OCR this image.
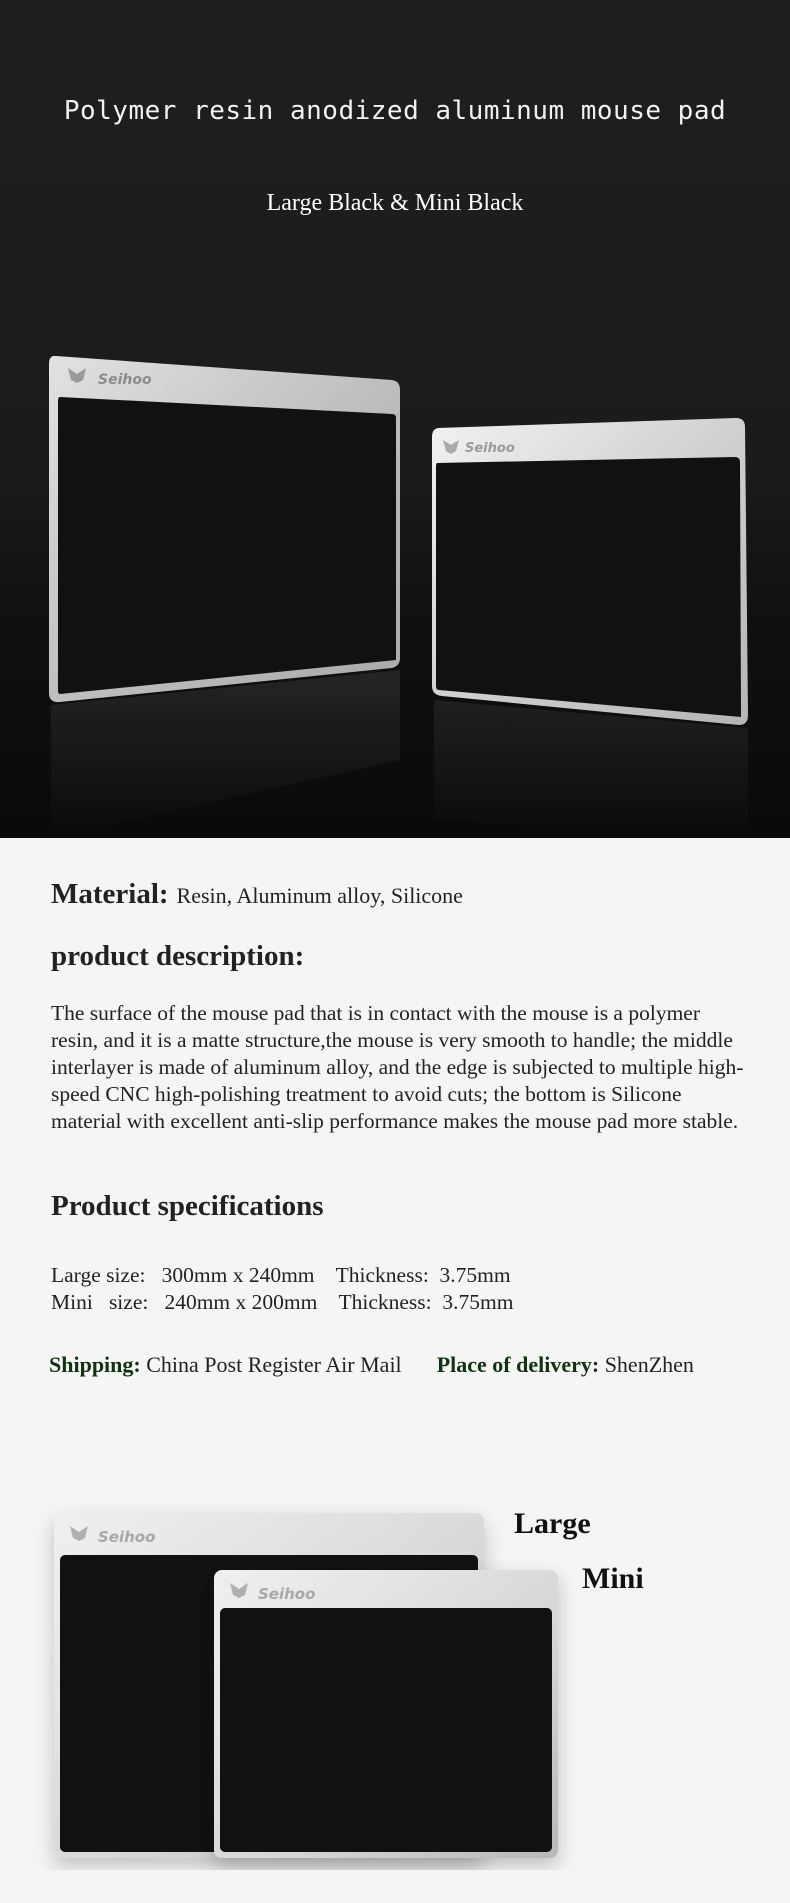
Seihoo
Seihoo
Polymer resin anodized aluminum mouse pad
Large Black & Mini Black
Material: Resin, Aluminum alloy, Silicone
product description:
The surface of the mouse pad that is in contact with the mouse is a polymer resin, and it is a matte structure,the mouse is very smooth to handle; the middle interlayer is made of aluminum alloy, and the edge is subjected to multiple high-speed CNC high-polishing treatment to avoid cuts; the bottom is Silicone material with excellent anti-slip performance makes the mouse pad more stable.
Product specifications
Large size:   300mm x 240mm    Thickness:  3.75mm
Mini   size:   240mm x 200mm    Thickness:  3.75mm
Shipping: China Post Register Air Mail Place of delivery: ShenZhen
Seihoo
Seihoo
Large
Mini
